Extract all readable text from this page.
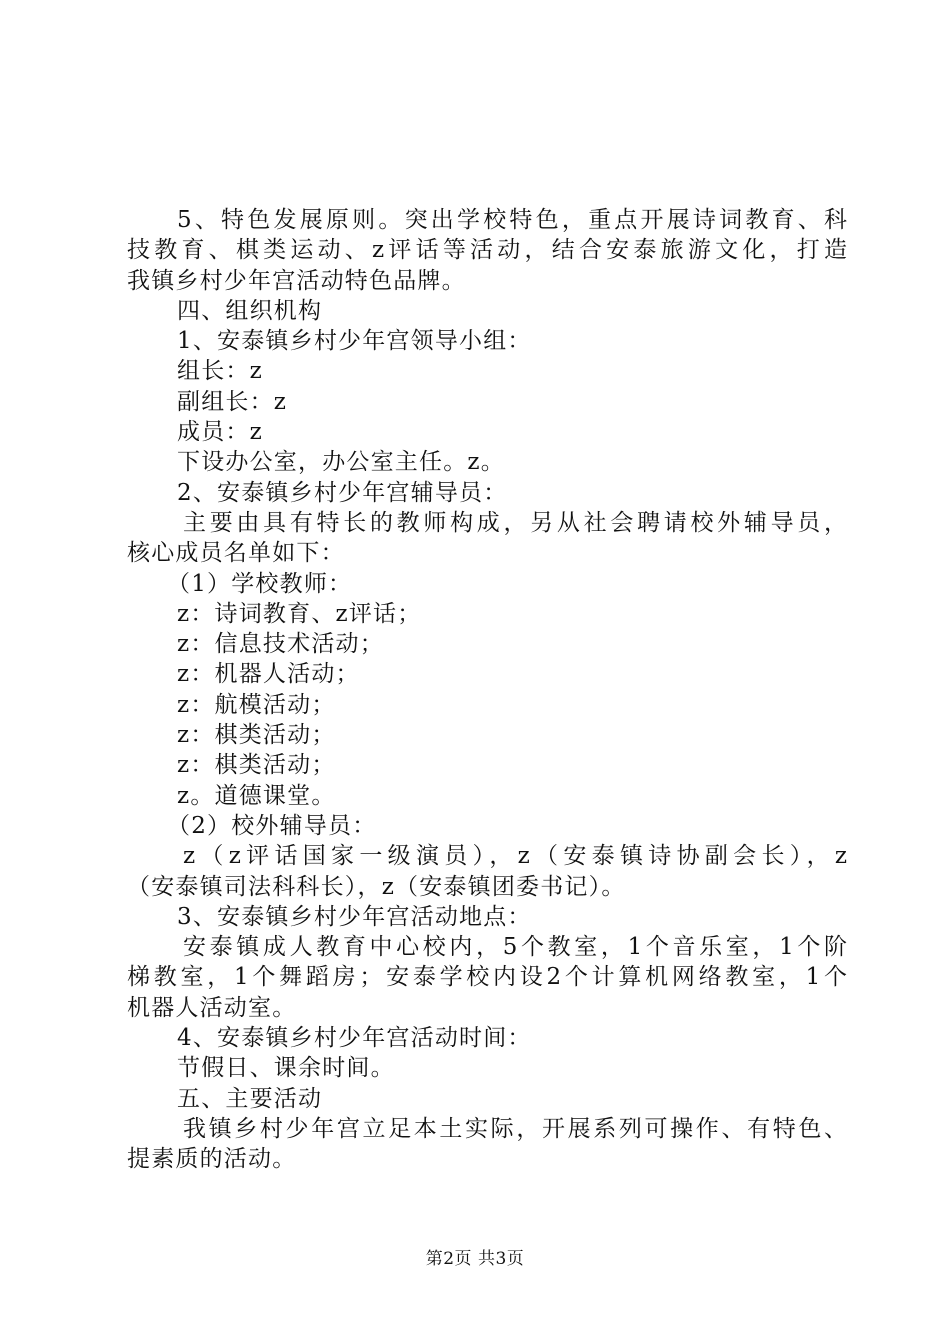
5、特色发展原则。突出学校特色，重点开展诗词教育、科
技教育、棋类运动、z评话等活动，结合安泰旅游文化，打造
我镇乡村少年宫活动特色品牌。
四、组织机构
1、安泰镇乡村少年宫领导小组：
组长：z
副组长：z
成员：z
下设办公室，办公室主任。z。
2、安泰镇乡村少年宫辅导员：
主要由具有特长的教师构成，另从社会聘请校外辅导员，
核心成员名单如下：
（1）学校教师：
z：诗词教育、z评话；
z：信息技术活动；
z：机器人活动；
z：航模活动；
z：棋类活动；
z：棋类活动；
z。道德课堂。
（2）校外辅导员：
z（z评话国家一级演员），z（安泰镇诗协副会长），z
（安泰镇司法科科长），z（安泰镇团委书记）。
3、安泰镇乡村少年宫活动地点：
安泰镇成人教育中心校内，5个教室，1个音乐室，1个阶
梯教室，1个舞蹈房；安泰学校内设2个计算机网络教室，1个
机器人活动室。
4、安泰镇乡村少年宫活动时间：
节假日、课余时间。
五、主要活动
我镇乡村少年宫立足本土实际，开展系列可操作、有特色、
提素质的活动。
第2页 共3页
